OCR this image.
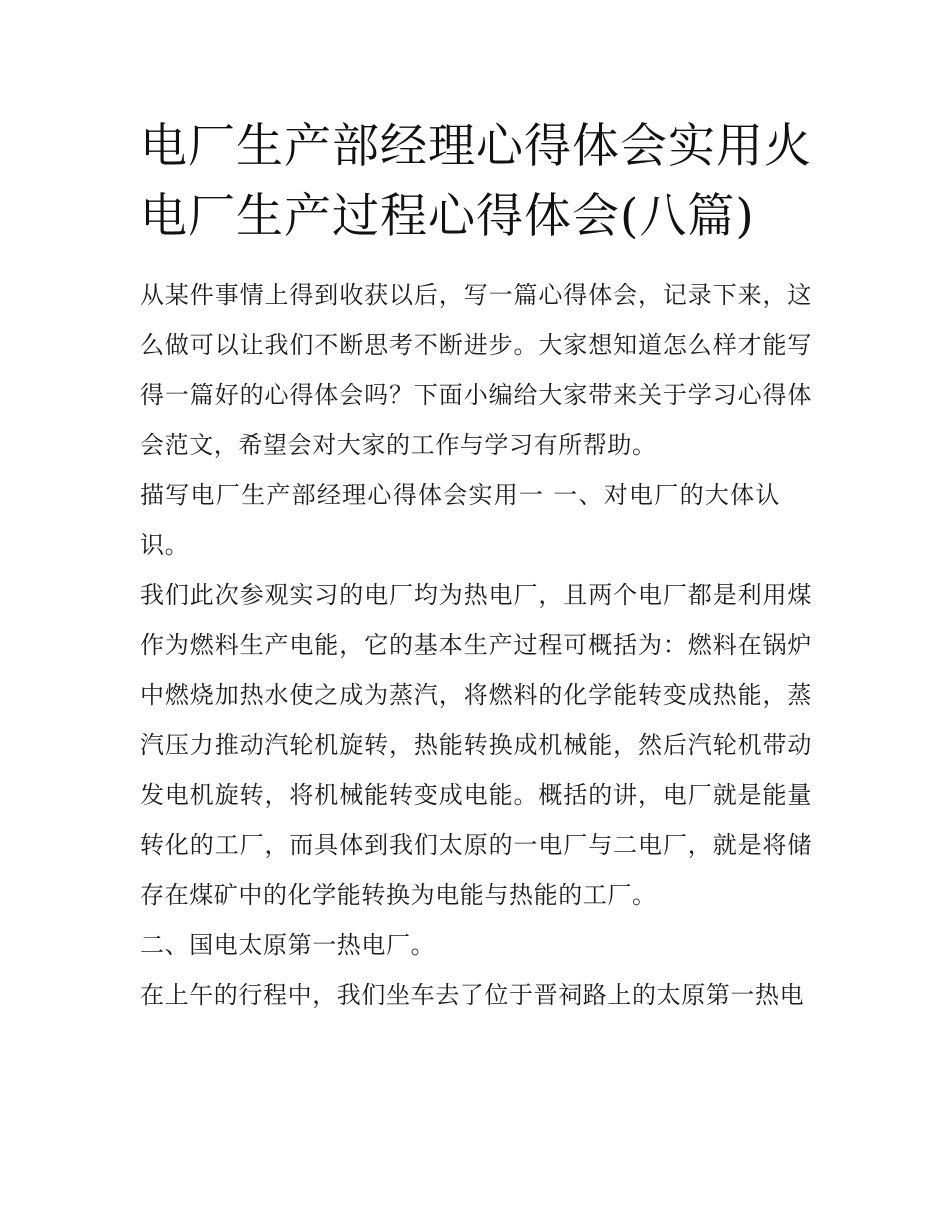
电厂生产部经理心得体会实用火电厂生产过程心得体会(八篇)

从某件事情上得到收获以后，写一篇心得体会，记录下来，这么做可以让我们不断思考不断进步。大家想知道怎么样才能写得一篇好的心得体会吗？下面小编给大家带来关于学习心得体会范文，希望会对大家的工作与学习有所帮助。

描写电厂生产部经理心得体会实用一 一、对电厂的大体认识。

我们此次参观实习的电厂均为热电厂，且两个电厂都是利用煤作为燃料生产电能，它的基本生产过程可概括为：燃料在锅炉中燃烧加热水使之成为蒸汽，将燃料的化学能转变成热能，蒸汽压力推动汽轮机旋转，热能转换成机械能，然后汽轮机带动发电机旋转，将机械能转变成电能。概括的讲，电厂就是能量转化的工厂，而具体到我们太原的一电厂与二电厂，就是将储存在煤矿中的化学能转换为电能与热能的工厂。

二、国电太原第一热电厂。

在上午的行程中，我们坐车去了位于晋祠路上的太原第一热电
